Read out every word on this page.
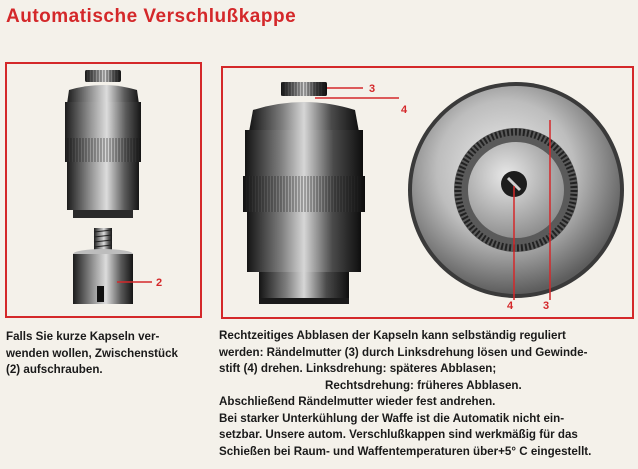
Automatische Verschlußkappe
2
3
4
4	3
Falls Sie kurze Kapseln ver-
wenden wollen, Zwischenstück
(2) aufschrauben.
Rechtzeitiges Abblasen der Kapseln kann selbständig reguliert
werden: Rändelmutter (3) durch Linksdrehung lösen und Gewinde-
stift (4) drehen. Linksdrehung: späteres Abblasen;
Rechtsdrehung: früheres Abblasen.
Abschließend Rändelmutter wieder fest andrehen.
Bei starker Unterkühlung der Waffe ist die Automatik nicht ein-
setzbar. Unsere autom. Verschlußkappen sind werkmäßig für das
Schießen bei Raum- und Waffentemperaturen über+5° C eingestellt.
